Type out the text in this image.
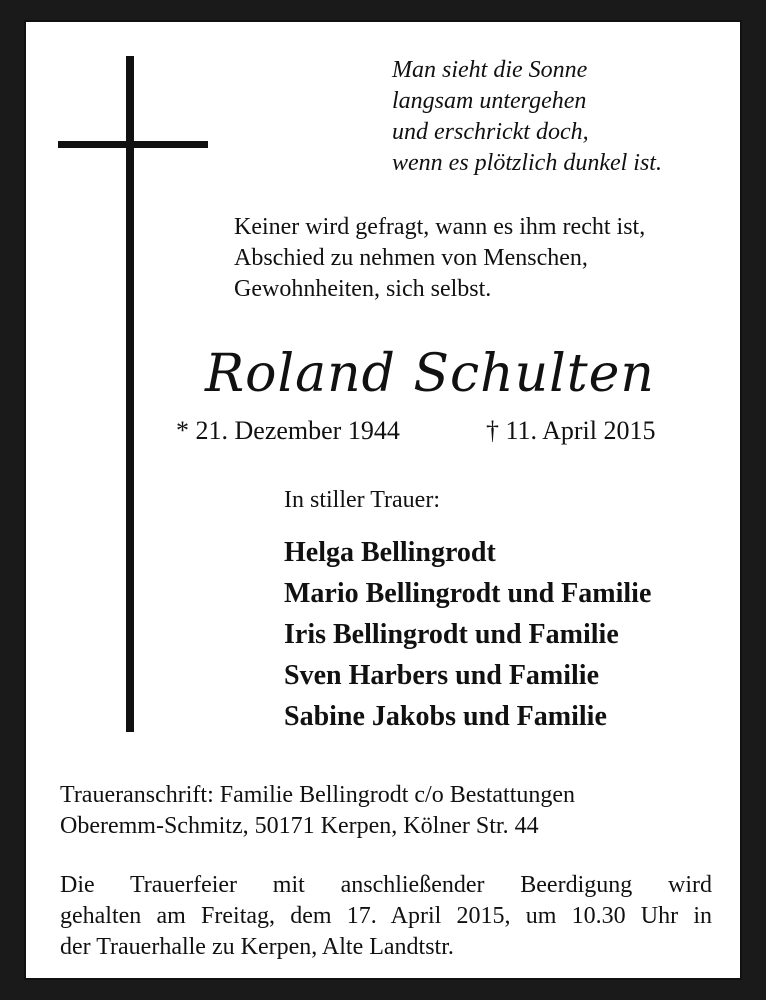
Man sieht die Sonne
langsam untergehen
und erschrickt doch,
wenn es plötzlich dunkel ist.
Keiner wird gefragt, wann es ihm recht ist,
Abschied zu nehmen von Menschen,
Gewohnheiten, sich selbst.
Roland Schulten
* 21. Dezember 1944	† 11. April 2015
In stiller Trauer:
Helga Bellingrodt
Mario Bellingrodt und Familie
Iris Bellingrodt und Familie
Sven Harbers und Familie
Sabine Jakobs und Familie
Traueranschrift: Familie Bellingrodt c/o Bestattungen
Oberemm-Schmitz, 50171 Kerpen, Kölner Str. 44
Die Trauerfeier mit anschließender Beerdigung wird
gehalten am Freitag, dem 17. April 2015, um 10.30 Uhr in
der Trauerhalle zu Kerpen, Alte Landtstr.
